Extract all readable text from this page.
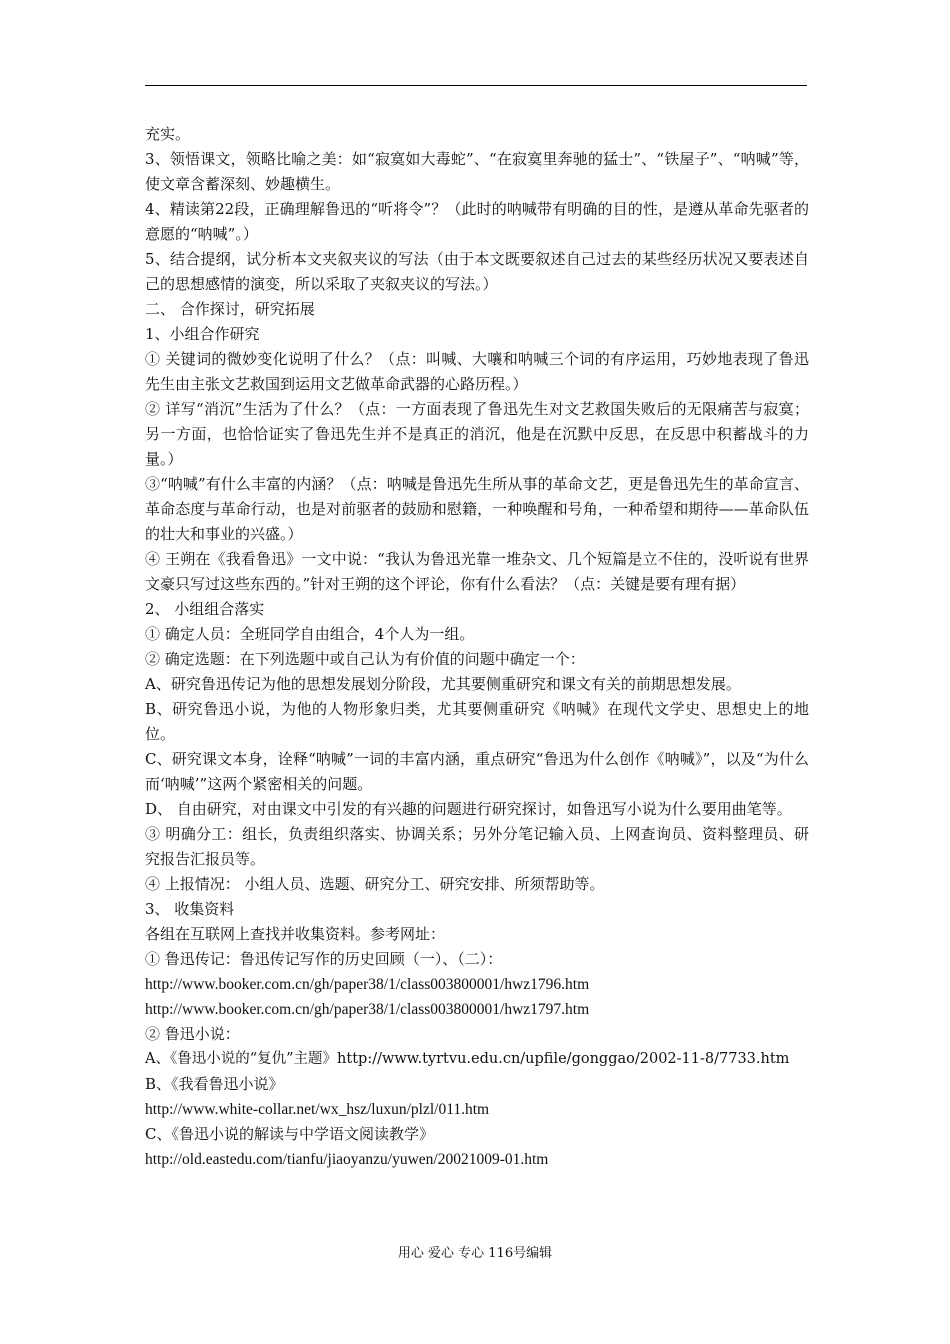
充实。

3、领悟课文，领略比喻之美：如“寂寞如大毒蛇”、“在寂寞里奔驰的猛士”、“铁屋子”、“呐喊”等，使文章含蓄深刻、妙趣横生。

4、精读第22段，正确理解鲁迅的“听将令”？（此时的呐喊带有明确的目的性，是遵从革命先驱者的意愿的“呐喊”。）

5、结合提纲，试分析本文夹叙夹议的写法（由于本文既要叙述自己过去的某些经历状况又要表述自己的思想感情的演变，所以采取了夹叙夹议的写法。）

二、 合作探讨，研究拓展

1、小组合作研究

① 关键词的微妙变化说明了什么？（点：叫喊、大嚷和呐喊三个词的有序运用，巧妙地表现了鲁迅先生由主张文艺救国到运用文艺做革命武器的心路历程。）

② 详写“消沉”生活为了什么？（点：一方面表现了鲁迅先生对文艺救国失败后的无限痛苦与寂寞；另一方面，也恰恰证实了鲁迅先生并不是真正的消沉，他是在沉默中反思，在反思中积蓄战斗的力量。）

③“呐喊”有什么丰富的内涵？（点：呐喊是鲁迅先生所从事的革命文艺，更是鲁迅先生的革命宣言、革命态度与革命行动，也是对前驱者的鼓励和慰籍，一种唤醒和号角，一种希望和期待——革命队伍的壮大和事业的兴盛。）

④ 王朔在《我看鲁迅》一文中说：“我认为鲁迅光靠一堆杂文、几个短篇是立不住的，没听说有世界文豪只写过这些东西的。”针对王朔的这个评论，你有什么看法？（点：关键是要有理有据）

2、 小组组合落实

① 确定人员：全班同学自由组合，4个人为一组。

② 确定选题：在下列选题中或自己认为有价值的问题中确定一个：

A、研究鲁迅传记为他的思想发展划分阶段，尤其要侧重研究和课文有关的前期思想发展。

B、研究鲁迅小说，为他的人物形象归类，尤其要侧重研究《呐喊》在现代文学史、思想史上的地位。

C、研究课文本身，诠释“呐喊”一词的丰富内涵，重点研究“鲁迅为什么创作《呐喊》”，以及“为什么而‘呐喊’”这两个紧密相关的问题。

D、 自由研究，对由课文中引发的有兴趣的问题进行研究探讨，如鲁迅写小说为什么要用曲笔等。

③ 明确分工：组长，负责组织落实、协调关系；另外分笔记输入员、上网查询员、资料整理员、研究报告汇报员等。

④ 上报情况： 小组人员、选题、研究分工、研究安排、所须帮助等。

3、 收集资料

各组在互联网上查找并收集资料。参考网址：

① 鲁迅传记：鲁迅传记写作的历史回顾（一）、（二）：

http://www.booker.com.cn/gh/paper38/1/class003800001/hwz1796.htm

http://www.booker.com.cn/gh/paper38/1/class003800001/hwz1797.htm

② 鲁迅小说：

A、《鲁迅小说的“复仇”主题》http://www.tyrtvu.edu.cn/upfile/gonggao/2002-11-8/7733.htm

B、《我看鲁迅小说》

http://www.white-collar.net/wx_hsz/luxun/plzl/011.htm

C、《鲁迅小说的解读与中学语文阅读教学》

http://old.eastedu.com/tianfu/jiaoyanzu/yuwen/20021009-01.htm

用心 爱心 专心 116号编辑
